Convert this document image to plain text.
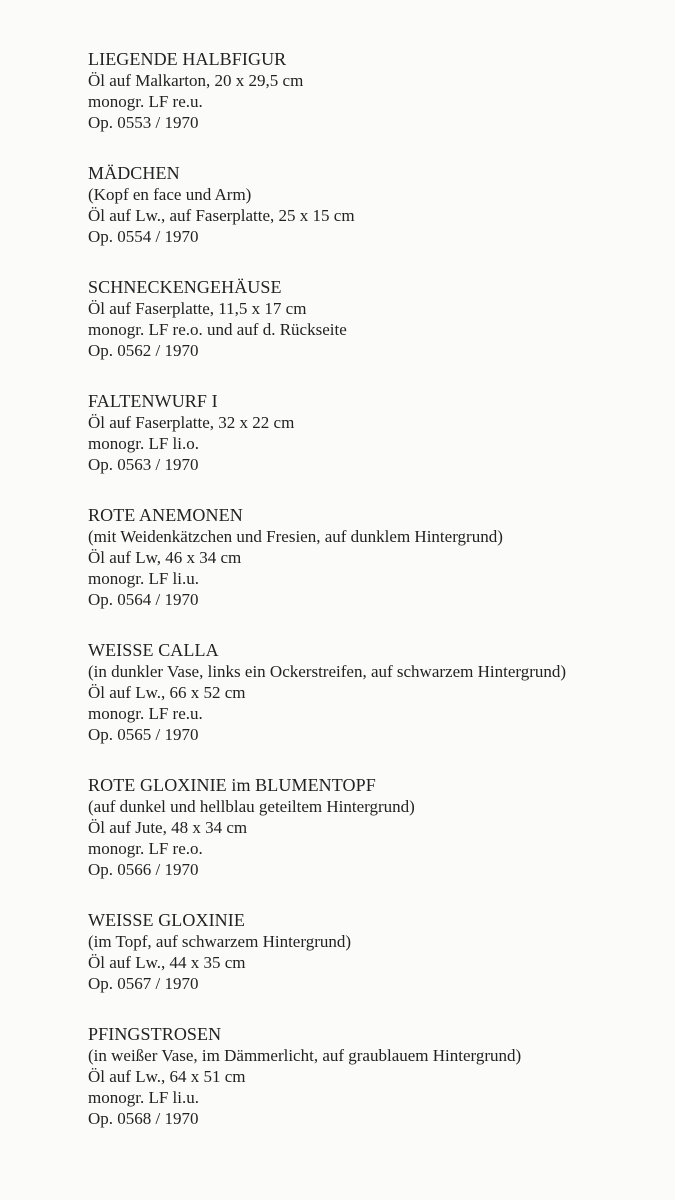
LIEGENDE HALBFIGUR
Öl auf Malkarton, 20 x 29,5 cm
monogr. LF re.u.
Op. 0553 / 1970
MÄDCHEN
(Kopf en face und Arm)
Öl auf Lw., auf Faserplatte, 25 x 15 cm
Op. 0554 / 1970
SCHNECKENGEHÄUSE
Öl auf Faserplatte, 11,5 x 17 cm
monogr. LF re.o. und auf d. Rückseite
Op. 0562 / 1970
FALTENWURF I
Öl auf Faserplatte, 32 x 22 cm
monogr. LF li.o.
Op. 0563 / 1970
ROTE ANEMONEN
(mit Weidenkätzchen und Fresien, auf dunklem Hintergrund)
Öl auf Lw, 46 x 34 cm
monogr. LF li.u.
Op. 0564 / 1970
WEISSE CALLA
(in dunkler Vase, links ein Ockerstreifen, auf schwarzem Hintergrund)
Öl auf Lw., 66 x 52 cm
monogr. LF re.u.
Op. 0565 / 1970
ROTE GLOXINIE im BLUMENTOPF
(auf dunkel und hellblau geteiltem Hintergrund)
Öl auf Jute, 48 x 34 cm
monogr. LF re.o.
Op. 0566 / 1970
WEISSE GLOXINIE
(im Topf, auf schwarzem Hintergrund)
Öl auf Lw., 44 x 35 cm
Op. 0567 / 1970
PFINGSTROSEN
(in weißer Vase, im Dämmerlicht, auf graublauem Hintergrund)
Öl auf Lw., 64 x 51 cm
monogr. LF li.u.
Op. 0568 / 1970
